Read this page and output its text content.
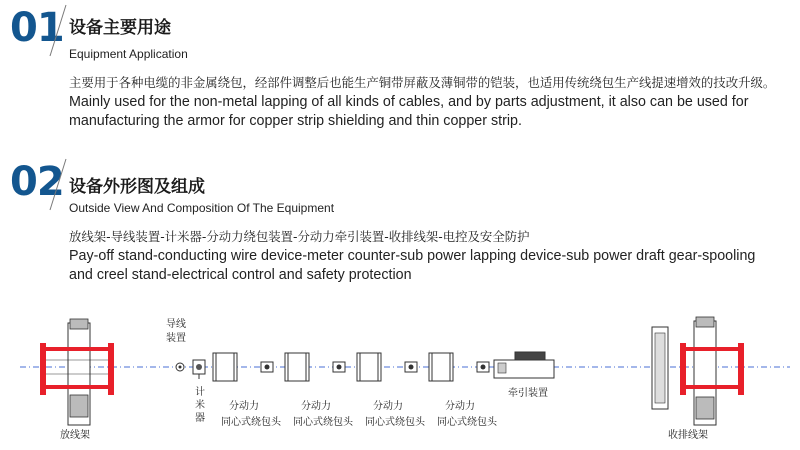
01 设备主要用途
Equipment Application
主要用于各种电缆的非金属绕包，经部件调整后也能生产铜带屏蔽及薄铜带的铠装，也适用传统绕包生产线提速增效的技改升级。
Mainly used for the non-metal lapping of all kinds of cables, and by parts adjustment, it also can be used for
manufacturing the armor for copper strip shielding and thin copper strip.
02 设备外形图及组成
Outside View And Composition Of The Equipment
放线架-导线装置-计米器-分动力绕包装置-分动力牵引装置-收排线架-电控及安全防护
Pay-off stand-conducting wire device-meter counter-sub power lapping device-sub power draft gear-spooling
and creel stand-electrical control and safety protection
放线架
导线
装置
计
米
器
分动力
同心式绕包头
分动力
同心式绕包头
分动力
同心式绕包头
分动力
同心式绕包头
牵引装置
收排线架
